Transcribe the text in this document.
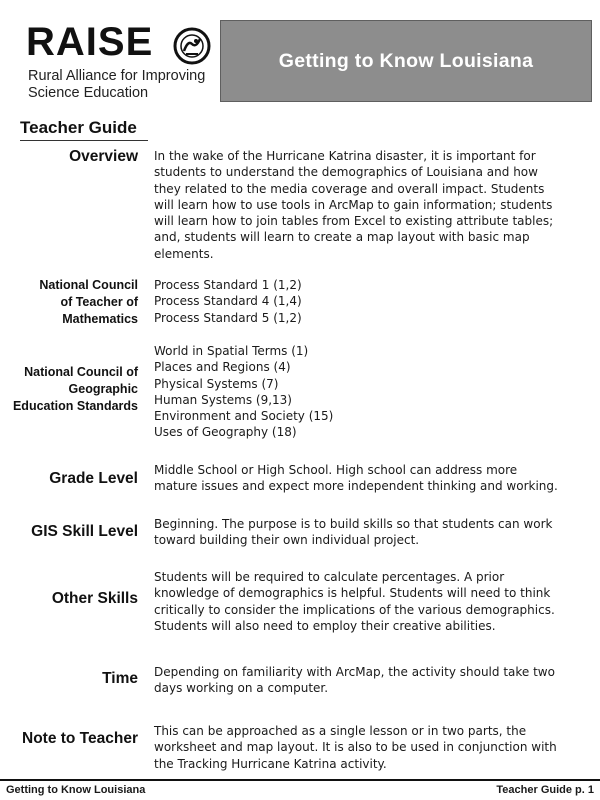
RAISE
Rural Alliance for Improving
Science Education
Getting to Know Louisiana
Teacher Guide
Overview In the wake of the Hurricane Katrina disaster, it is important for
students to understand the demographics of Louisiana and how
they related to the media coverage and overall impact. Students
will learn how to use tools in ArcMap to gain information; students
will learn how to join tables from Excel to existing attribute tables;
and, students will learn to create a map layout with basic map
elements.
National Council
of Teacher of
Mathematics
Process Standard 1 (1,2)
Process Standard 4 (1,4)
Process Standard 5 (1,2)
National Council of
Geographic
Education Standards
World in Spatial Terms (1)
Places and Regions (4)
Physical Systems (7)
Human Systems (9,13)
Environment and Society (15)
Uses of Geography (18)
Grade Level Middle School or High School. High school can address more
mature issues and expect more independent thinking and working.
GIS Skill Level Beginning. The purpose is to build skills so that students can work
toward building their own individual project.
Other Skills
Students will be required to calculate percentages. A prior
knowledge of demographics is helpful. Students will need to think
critically to consider the implications of the various demographics.
Students will also need to employ their creative abilities.
Time Depending on familiarity with ArcMap, the activity should take two
days working on a computer.
Note to Teacher This can be approached as a single lesson or in two parts, the
worksheet and map layout. It is also to be used in conjunction with
the Tracking Hurricane Katrina activity.
Getting to Know Louisiana	Teacher Guide p. 1
